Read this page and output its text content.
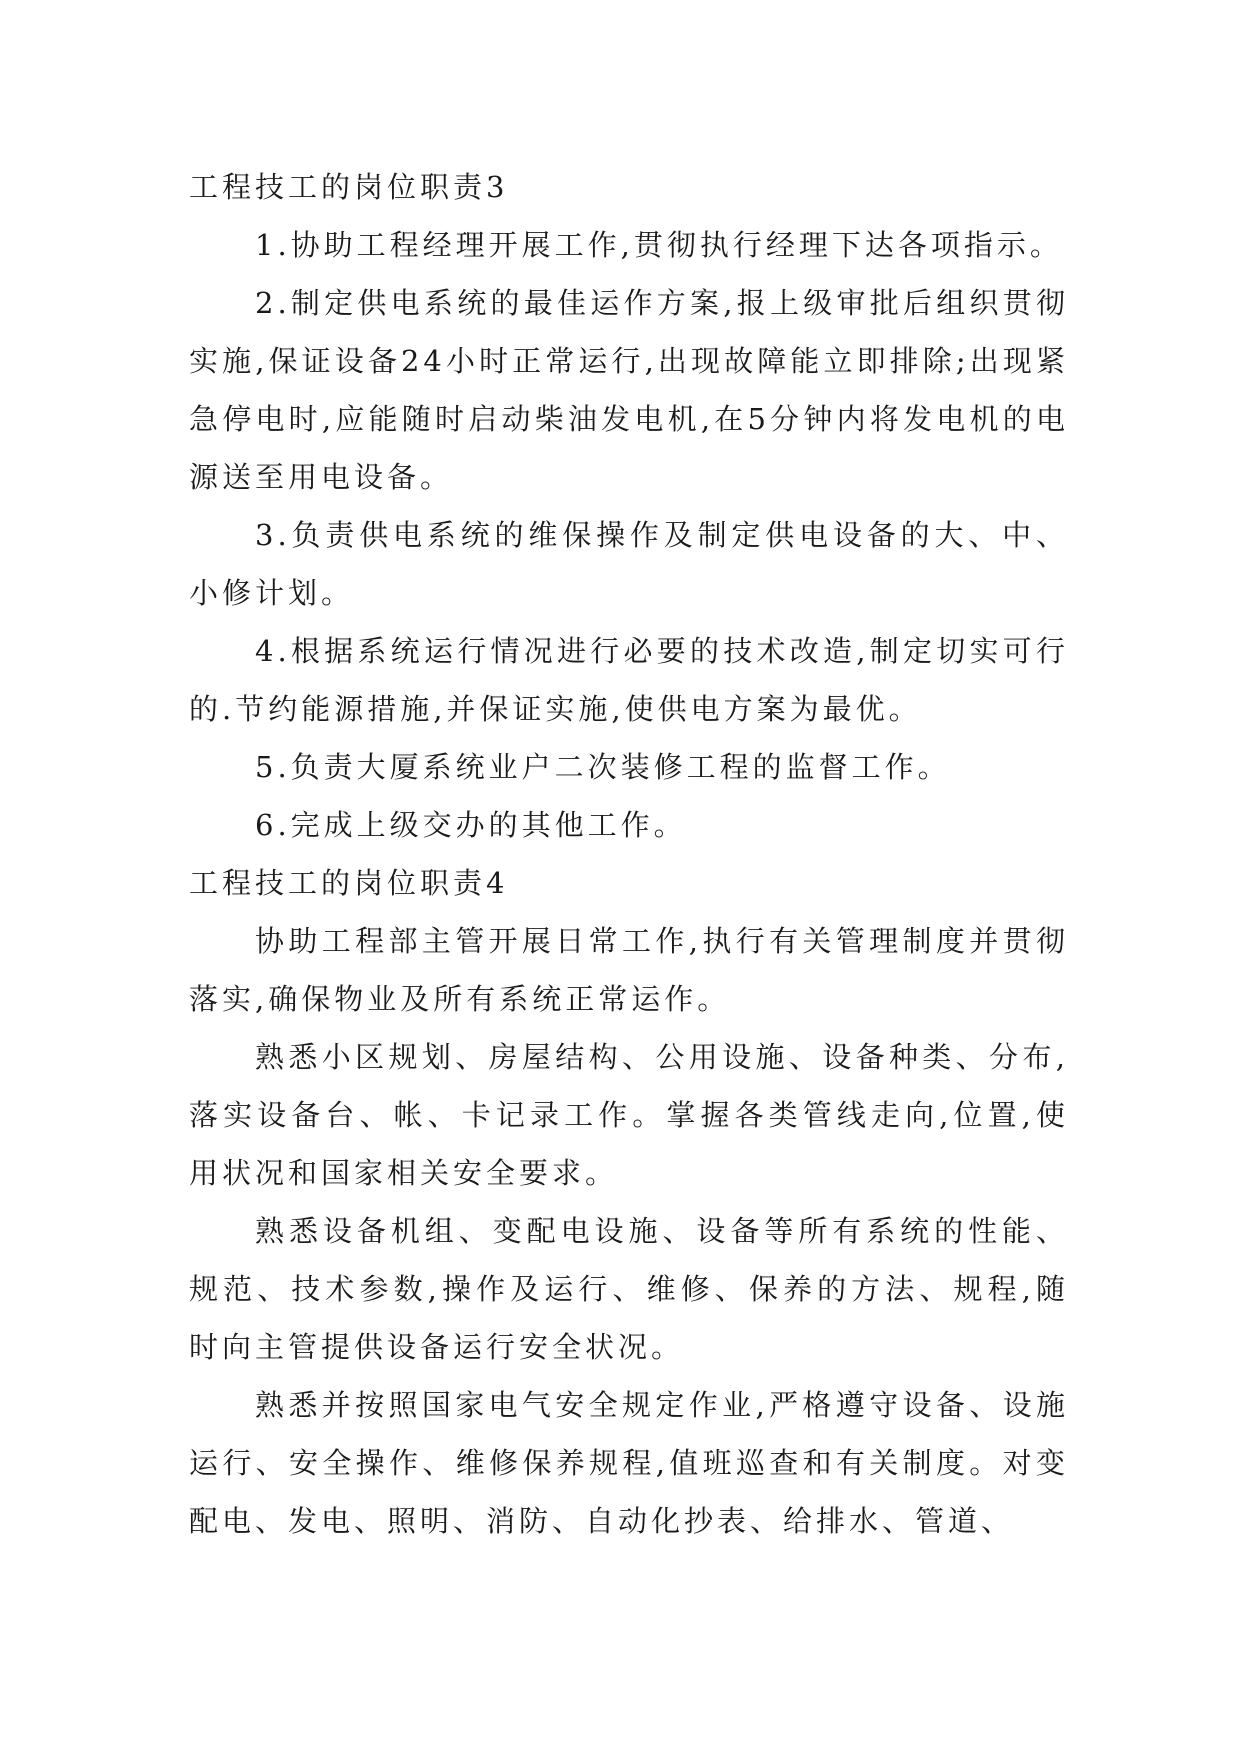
工程技工的岗位职责3

1.协助工程经理开展工作,贯彻执行经理下达各项指示。

2.制定供电系统的最佳运作方案,报上级审批后组织贯彻实施,保证设备24小时正常运行,出现故障能立即排除;出现紧急停电时,应能随时启动柴油发电机,在5分钟内将发电机的电源送至用电设备。

3.负责供电系统的维保操作及制定供电设备的大、中、小修计划。

4.根据系统运行情况进行必要的技术改造,制定切实可行的.节约能源措施,并保证实施,使供电方案为最优。

5.负责大厦系统业户二次装修工程的监督工作。

6.完成上级交办的其他工作。

工程技工的岗位职责4

协助工程部主管开展日常工作,执行有关管理制度并贯彻落实,确保物业及所有系统正常运作。

熟悉小区规划、房屋结构、公用设施、设备种类、分布,落实设备台、帐、卡记录工作。掌握各类管线走向,位置,使用状况和国家相关安全要求。

熟悉设备机组、变配电设施、设备等所有系统的性能、规范、技术参数,操作及运行、维修、保养的方法、规程,随时向主管提供设备运行安全状况。

熟悉并按照国家电气安全规定作业,严格遵守设备、设施运行、安全操作、维修保养规程,值班巡查和有关制度。对变配电、发电、照明、消防、自动化抄表、给排水、管道、
